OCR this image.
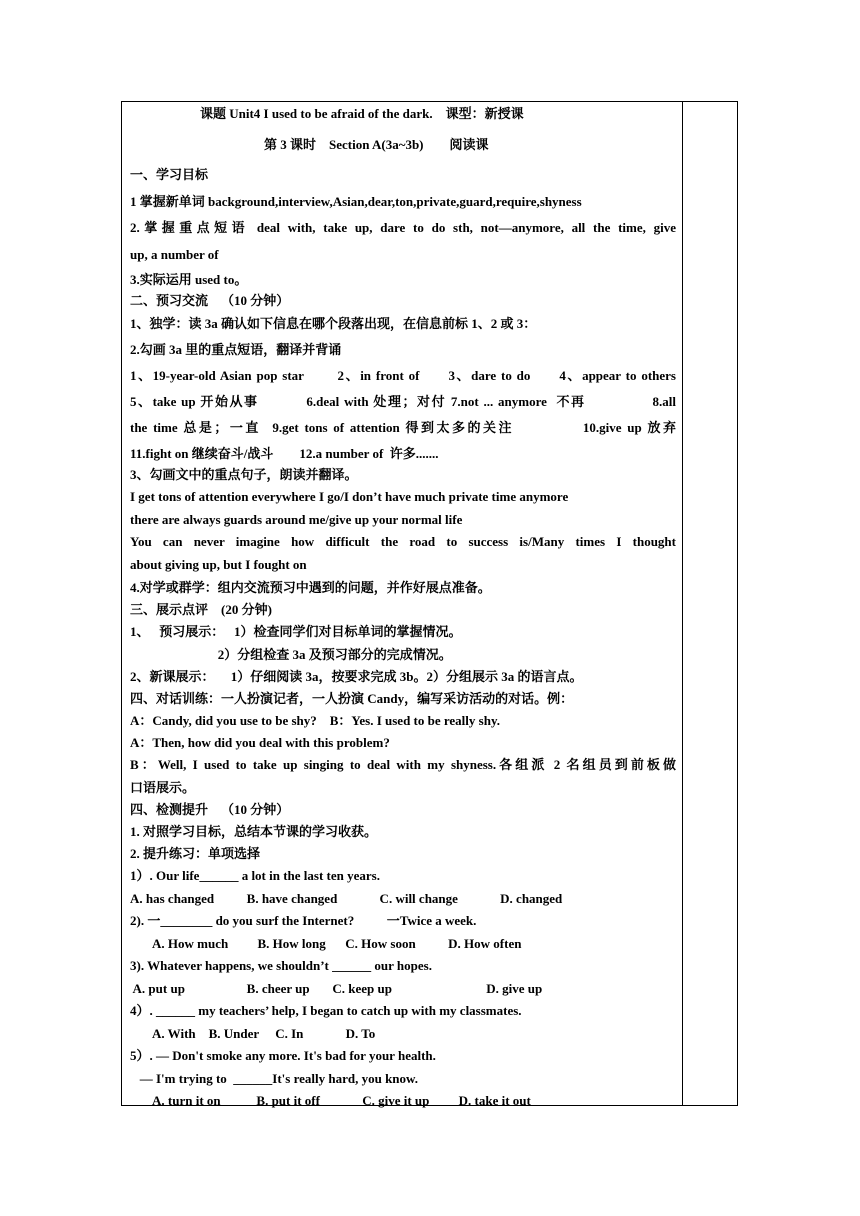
课题 Unit4 I used to be afraid of the dark.    课型：新授课
第 3 课时    Section A(3a~3b)        阅读课
一、学习目标
1 掌握新单词 background,interview,Asian,dear,ton,private,guard,require,shyness
2.掌握重点短语 deal with, take up, dare to do sth, not—anymore, all the time, give
up, a number of
3.实际运用 used to。
二、预习交流    （10 分钟）
1、独学：读 3a 确认如下信息在哪个段落出现，在信息前标 1、2 或 3：
2.勾画 3a 里的重点短语，翻译并背诵
1、19-year-old Asian pop star       2、in front of      3、dare to do      4、appear to others
5、take up 开始从事          6.deal with 处理；对付 7.not ... anymore  不再              8.all
the time 总是；一直  9.get tons of attention 得到太多的关注            10.give up 放弃
11.fight on 继续奋斗/战斗        12.a number of  许多.......
3、勾画文中的重点句子，朗读并翻译。
I get tons of attention everywhere I go/I don’t have much private time anymore
there are always guards around me/give up your normal life
You can never imagine how difficult the road to success is/Many times I thought
about giving up, but I fought on
4.对学或群学：组内交流预习中遇到的问题，并作好展点准备。
三、展示点评    (20 分钟)
1、   预习展示：   1）检查同学们对目标单词的掌握情况。
2）分组检查 3a 及预习部分的完成情况。
2、新课展示：     1）仔细阅读 3a，按要求完成 3b。2）分组展示 3a 的语言点。
四、对话训练：一人扮演记者，一人扮演 Candy，编写采访活动的对话。例：
A：Candy, did you use to be shy?    B：Yes. I used to be really shy.
A：Then, how did you deal with this problem?
B：Well, I used to take up singing to deal with my shyness.各组派 2 名组员到前板做
口语展示。
四、检测提升    （10 分钟）
1. 对照学习目标，总结本节课的学习收获。
2. 提升练习：单项选择
1）. Our life______ a lot in the last ten years.
A. has changed          B. have changed             C. will change             D. changed
2). 一________ do you surf the Internet?          一Twice a week.
A. How much         B. How long      C. How soon          D. How often
3). Whatever happens, we shouldn’t ______ our hopes.
A. put up                   B. cheer up       C. keep up                             D. give up
4）. ______ my teachers’ help, I began to catch up with my classmates.
A. With    B. Under     C. In             D. To
5）. — Don't smoke any more. It's bad for your health.
— I'm trying to  ______It's really hard, you know.
A. turn it on           B. put it off             C. give it up         D. take it out
